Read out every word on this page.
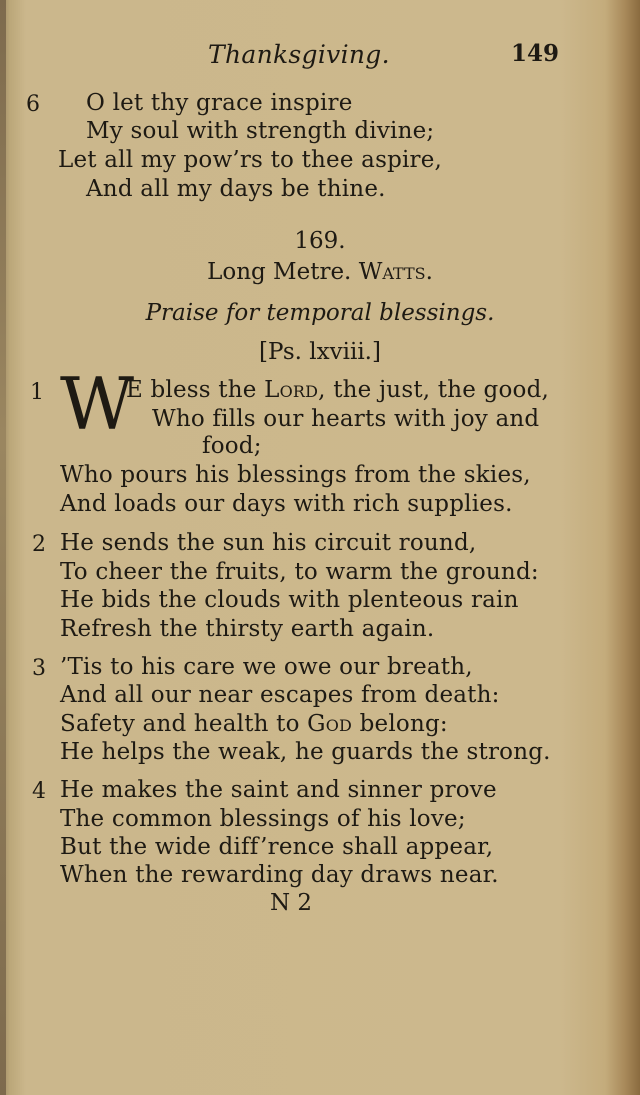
Thanksgiving.	149
6 O let thy grace inspire
My soul with strength divine;
Let all my pow’rs to thee aspire,
And all my days be thine.
169.
Long Metre. Watts.
Praise for temporal blessings.
[Ps. lxviii.]
1 W
E bless the Lord, the just, the good,
Who fills our hearts with joy and
food;
Who pours his blessings from the skies,
And loads our days with rich supplies.
2 He sends the sun his circuit round,
To cheer the fruits, to warm the ground:
He bids the clouds with plenteous rain
Refresh the thirsty earth again.
3 ’Tis to his care we owe our breath,
And all our near escapes from death:
Safety and health to God belong:
He helps the weak, he guards the strong.
4 He makes the saint and sinner prove
The common blessings of his love;
But the wide diff’rence shall appear,
When the rewarding day draws near.
N 2
